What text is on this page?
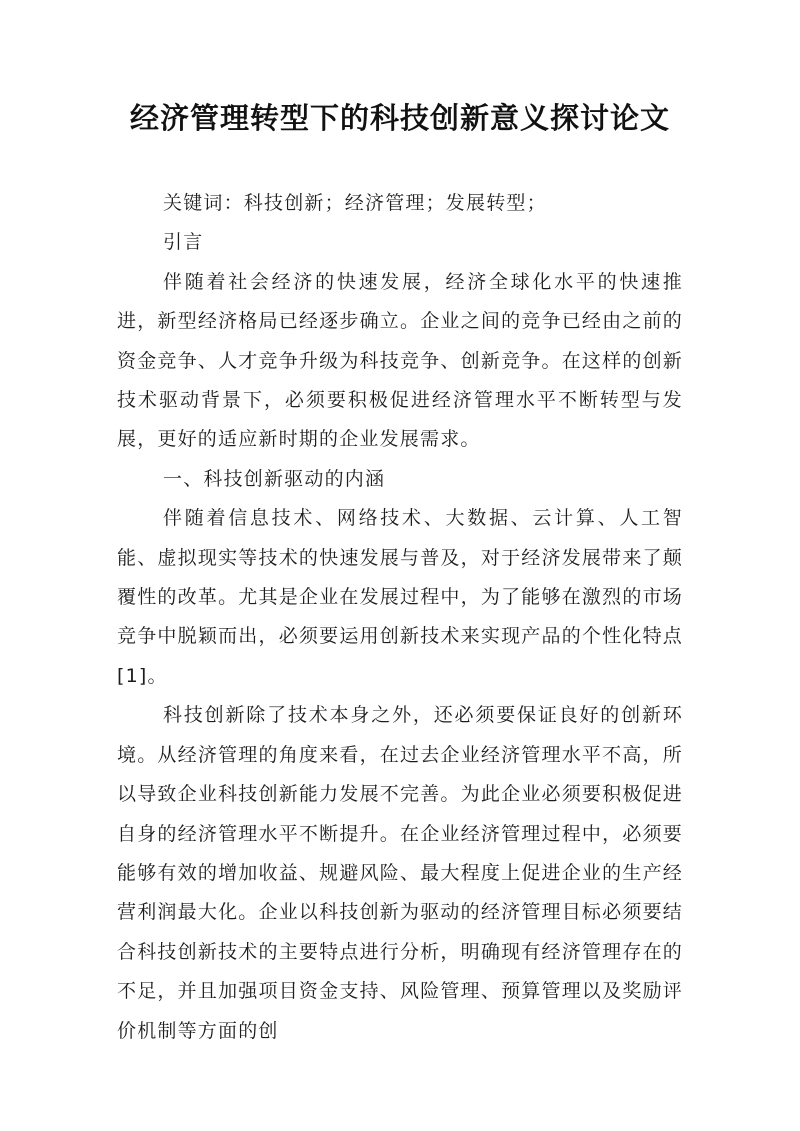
经济管理转型下的科技创新意义探讨论文

关键词：科技创新；经济管理；发展转型；

引言

伴随着社会经济的快速发展，经济全球化水平的快速推进，新型经济格局已经逐步确立。企业之间的竞争已经由之前的资金竞争、人才竞争升级为科技竞争、创新竞争。在这样的创新技术驱动背景下，必须要积极促进经济管理水平不断转型与发展，更好的适应新时期的企业发展需求。

一、科技创新驱动的内涵

伴随着信息技术、网络技术、大数据、云计算、人工智能、虚拟现实等技术的快速发展与普及，对于经济发展带来了颠覆性的改革。尤其是企业在发展过程中，为了能够在激烈的市场竞争中脱颖而出，必须要运用创新技术来实现产品的个性化特点[1]。

科技创新除了技术本身之外，还必须要保证良好的创新环境。从经济管理的角度来看，在过去企业经济管理水平不高，所以导致企业科技创新能力发展不完善。为此企业必须要积极促进自身的经济管理水平不断提升。在企业经济管理过程中，必须要能够有效的增加收益、规避风险、最大程度上促进企业的生产经营利润最大化。企业以科技创新为驱动的经济管理目标必须要结合科技创新技术的主要特点进行分析，明确现有经济管理存在的不足，并且加强项目资金支持、风险管理、预算管理以及奖励评价机制等方面的创
